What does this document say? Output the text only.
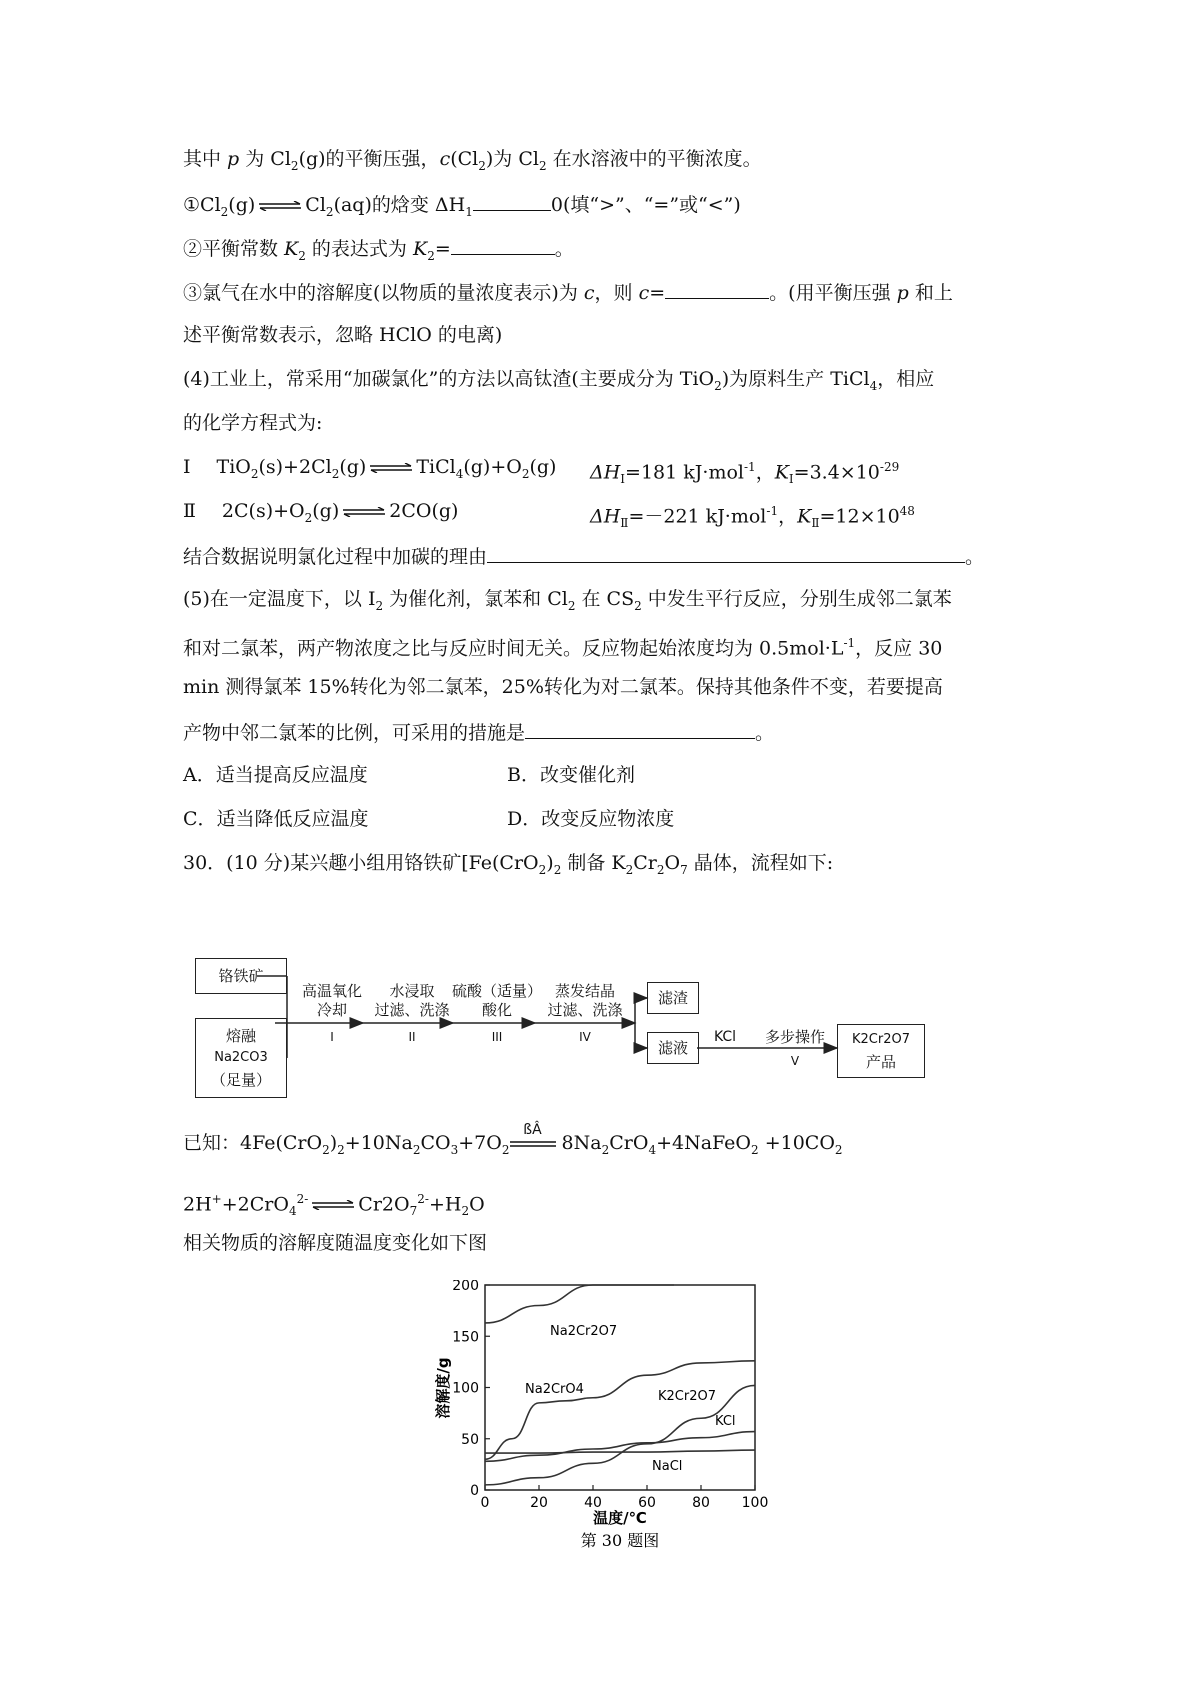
其中 p 为 $Cl_2(g)$的平衡压强，$c(Cl_2)$为 $Cl_2$ 在水溶液中的平衡浓度。
$①Cl_2(g)$ ⇌ $Cl_2(aq)$的焓变 $\Delta H_1$	0(填“>”、“=”或“<”)
②平衡常数 $K_2$ 的表达式为 $K_2=$	。
③氯气在水中的溶解度(以物质的量浓度表示)为 c，则 c=	。(用平衡压强 p 和上
述平衡常数表示，忽略 HClO 的电离)
(4)工业上，常采用“加碳氯化”的方法以高钛渣(主要成分为 TiO$_2$)为原料生产 TiCl$_4$，相应
的化学方程式为:
Ⅰ $TiO_2(s)+2Cl_2(g)$ ⇌ $TiCl_4(g)+O_2(g)$ $\Delta H_Ⅰ=181$ kJ·mol$^{-1}$，$K_Ⅰ=3.4\times 10^{-29}$
Ⅱ $2C(s)+O_2(g)$ ⇌ 2CO(g)	$\Delta H_Ⅱ=-221$ kJ·mol$^{-1}$，$K_Ⅱ=12\times 10^{48}$
结合数据说明氯化过程中加碳的理由	。
(5)在一定温度下，以 $I_2$ 为催化剂，氯苯和 $Cl_2$ 在 $CS_2$ 中发生平行反应，分别生成邻二氯苯
和对二氯苯，两产物浓度之比与反应时间无关。反应物起始浓度均为 $0.5mol\cdot L^{-1}$，反应 30
min 测得氯苯 15%转化为邻二氯苯，25%转化为对二氯苯。保持其他条件不变，若要提高
产物中邻二氯苯的比例，可采用的措施是	。
A．适当提高反应温度	B．改变催化剂
C．适当降低反应温度	D．改变反应物浓度
30．(10 分)某兴趣小组用铬铁矿[$Fe(CrO_2)_2$ 制备 $K_2Cr_2O_7$ 晶体，流程如下:
铬铁矿
熔融
Na2CO3
（足量）
高温氧化
冷却
I
水浸取
过滤、洗涤
II
硫酸（适量）
酸化
III
蒸发结晶
过滤、洗涤
IV
滤渣
滤液
KCl	多步操作
V
K2Cr2O7
产品
已知：$4Fe(CrO_2)_2+10Na_2CO_3+7O_2$
ßÂ
$8Na_2CrO_4+4NaFeO_2 +10CO_2$
2H++2CrO$_4^{2-}$ ⇌ $Cr2O_7^{2-}+H_2O$
相关物质的溶解度随温度变化如下图
0
50
100
150
200
0	20	40	60	80 100
Na2Cr2O7
Na2CrO4	K2Cr2O7
KCl
NaCl
温度/℃
溶解度/g
第 30 题图
